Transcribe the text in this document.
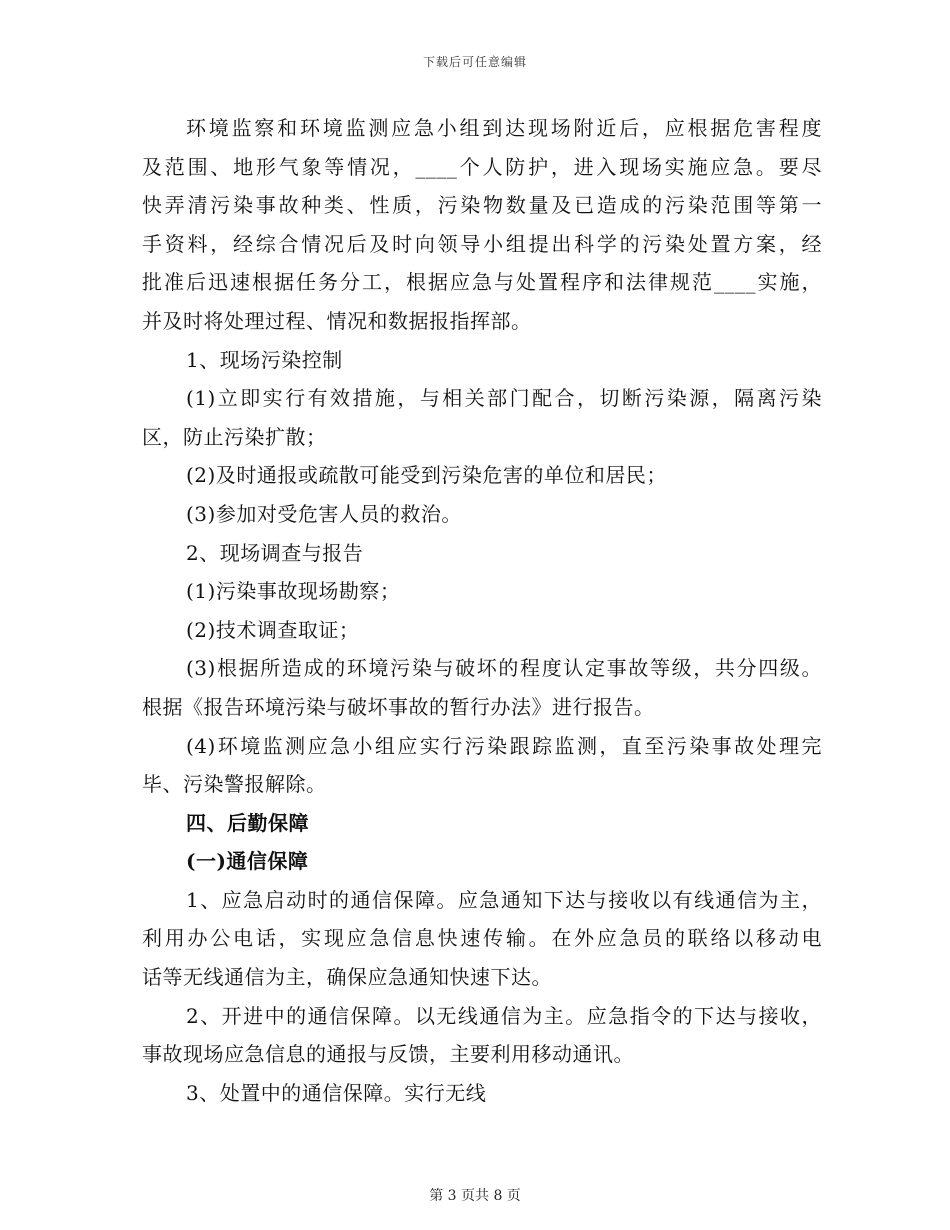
下载后可任意编辑
环境监察和环境监测应急小组到达现场附近后，应根据危害程度
及范围、地形气象等情况，____个人防护，进入现场实施应急。要尽
快弄清污染事故种类、性质，污染物数量及已造成的污染范围等第一
手资料，经综合情况后及时向领导小组提出科学的污染处置方案，经
批准后迅速根据任务分工，根据应急与处置程序和法律规范____实施，
并及时将处理过程、情况和数据报指挥部。
1、现场污染控制
(1)立即实行有效措施，与相关部门配合，切断污染源，隔离污染
区，防止污染扩散；
(2)及时通报或疏散可能受到污染危害的单位和居民；
(3)参加对受危害人员的救治。
2、现场调查与报告
(1)污染事故现场勘察；
(2)技术调查取证；
(3)根据所造成的环境污染与破坏的程度认定事故等级，共分四级。
根据《报告环境污染与破坏事故的暂行办法》进行报告。
(4)环境监测应急小组应实行污染跟踪监测，直至污染事故处理完
毕、污染警报解除。
四、后勤保障
(一)通信保障
1、应急启动时的通信保障。应急通知下达与接收以有线通信为主，
利用办公电话，实现应急信息快速传输。在外应急员的联络以移动电
话等无线通信为主，确保应急通知快速下达。
2、开进中的通信保障。以无线通信为主。应急指令的下达与接收，
事故现场应急信息的通报与反馈，主要利用移动通讯。
3、处置中的通信保障。实行无线
第 3 页共 8 页
